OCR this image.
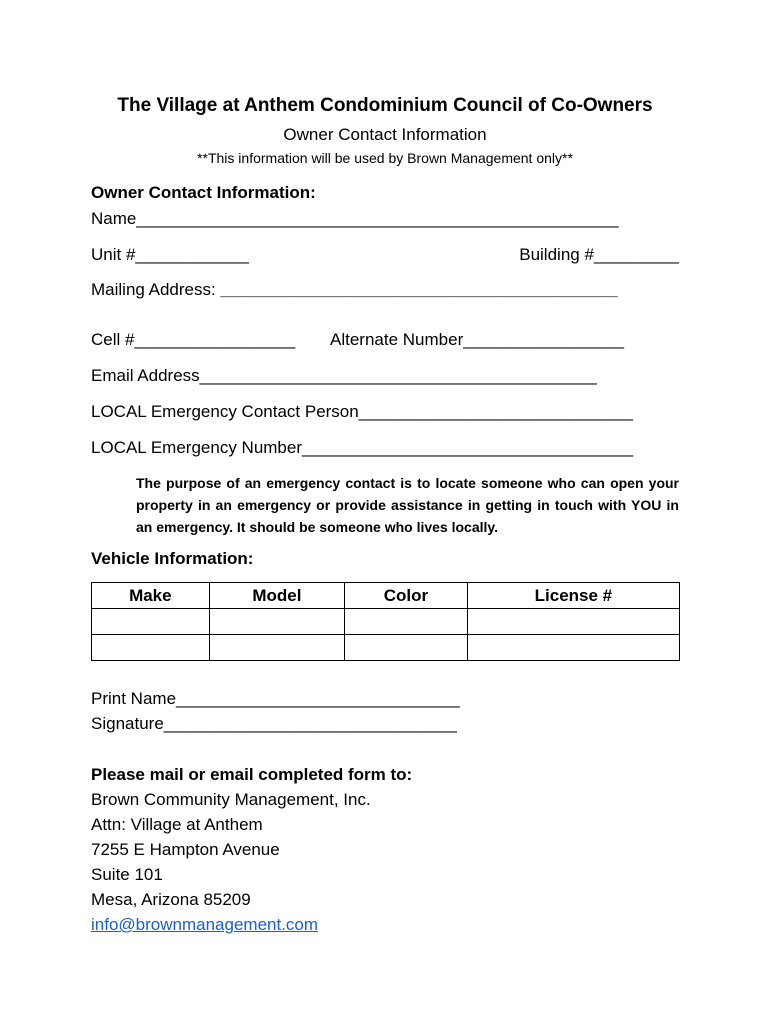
The Village at Anthem Condominium Council of Co-Owners
Owner Contact Information
**This information will be used by Brown Management only**
Owner Contact Information:
Name___________________________________________________
Unit #____________	Building #_________
Mailing Address: __________________________________________
Cell #_________________ Alternate Number_________________
Email Address__________________________________________
LOCAL Emergency Contact Person_____________________________
LOCAL Emergency Number___________________________________
The purpose of an emergency contact is to locate someone who can open your property in an emergency or provide assistance in getting in touch with YOU in an emergency. It should be someone who lives locally.
Vehicle Information:
Make	Model	Color	License #

Print Name______________________________
Signature_______________________________
Please mail or email completed form to:
Brown Community Management, Inc.
Attn: Village at Anthem
7255 E Hampton Avenue
Suite 101
Mesa, Arizona 85209
info@brownmanagement.com
